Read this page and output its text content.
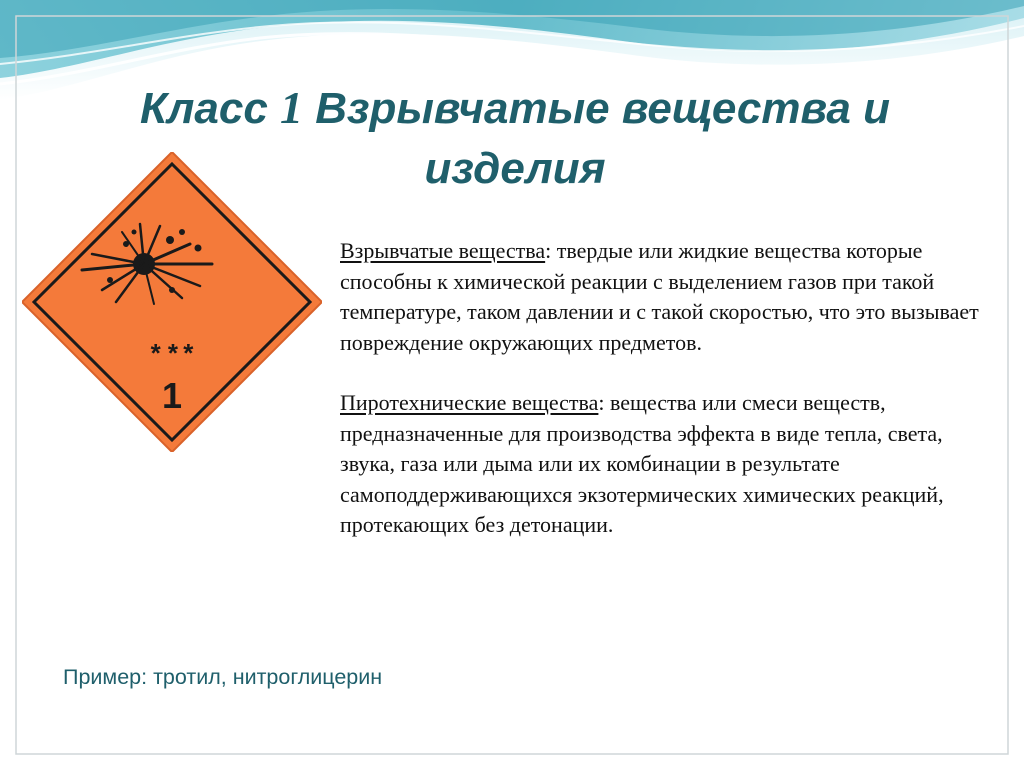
Класс 1 Взрывчатые вещества и изделия
* * *
1

Взрывчатые вещества: твердые или жидкие вещества которые способны к химической реакции с выделением газов при такой температуре, таком давлении и с такой скоростью, что это вызывает повреждение окружающих предметов.

Пиротехнические вещества: вещества или смеси веществ, предназначенные для производства эффекта в виде тепла, света, звука, газа или дыма или их комбинации в результате самоподдерживающихся экзотермических химических реакций, протекающих без детонации.

Пример: тротил, нитроглицерин
